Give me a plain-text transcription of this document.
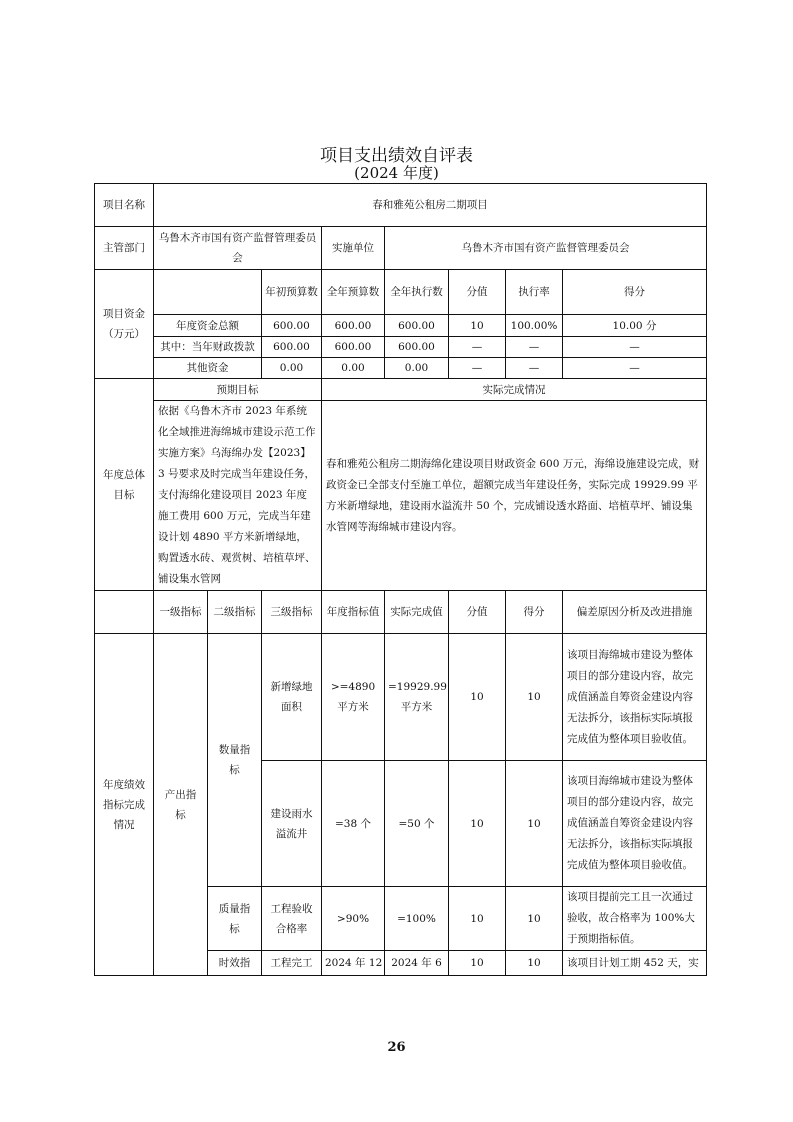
项目支出绩效自评表
(2024 年度)
项目名称	春和雅苑公租房二期项目							
主管部门	乌鲁木齐市国有资产监督管理委员会			实施单位	乌鲁木齐市国有资产监督管理委员会			
项目资金（万元）			年初预算数	全年预算数	全年执行数	分值	执行率	得分
	年度资金总额		600.00	600.00	600.00	10	100.00%	10.00 分
	其中：当年财政拨款		600.00	600.00	600.00	—	—	—
	其他资金		0.00	0.00	0.00	—	—	—
年度总体目标	预期目标			实际完成情况				
	依据《乌鲁木齐市 2023 年系统化全域推进海绵城市建设示范工作实施方案》乌海绵办发【2023】3 号要求及时完成当年建设任务，支付海绵化建设项目 2023 年度施工费用 600 万元，完成当年建设计划 4890 平方米新增绿地，购置透水砖、观赏树、培植草坪、铺设集水管网			春和雅苑公租房二期海绵化建设项目财政资金 600 万元，海绵设施建设完成，财政资金已全部支付至施工单位，超额完成当年建设任务，实际完成 19929.99 平方米新增绿地，建设雨水溢流井 50 个，完成铺设透水路面、培植草坪、铺设集水管网等海绵城市建设内容。				
	一级指标	二级指标	三级指标	年度指标值	实际完成值	分值	得分	偏差原因分析及改进措施
年度绩效指标完成情况	产出指标	数量指标	新增绿地面积	>=4890 平方米	=19929.99 平方米	10	10	该项目海绵城市建设为整体项目的部分建设内容，故完成值涵盖自筹资金建设内容无法拆分，该指标实际填报完成值为整体项目验收值。
			建设雨水溢流井	=38 个	=50 个	10	10	该项目海绵城市建设为整体项目的部分建设内容，故完成值涵盖自筹资金建设内容无法拆分，该指标实际填报完成值为整体项目验收值。
		质量指标	工程验收合格率	>90%	=100%	10	10	该项目提前完工且一次通过验收，故合格率为 100%大于预期指标值。
		时效指	工程完工	2024 年 12	2024 年 6	10	10	该项目计划工期 452 天，实
26
